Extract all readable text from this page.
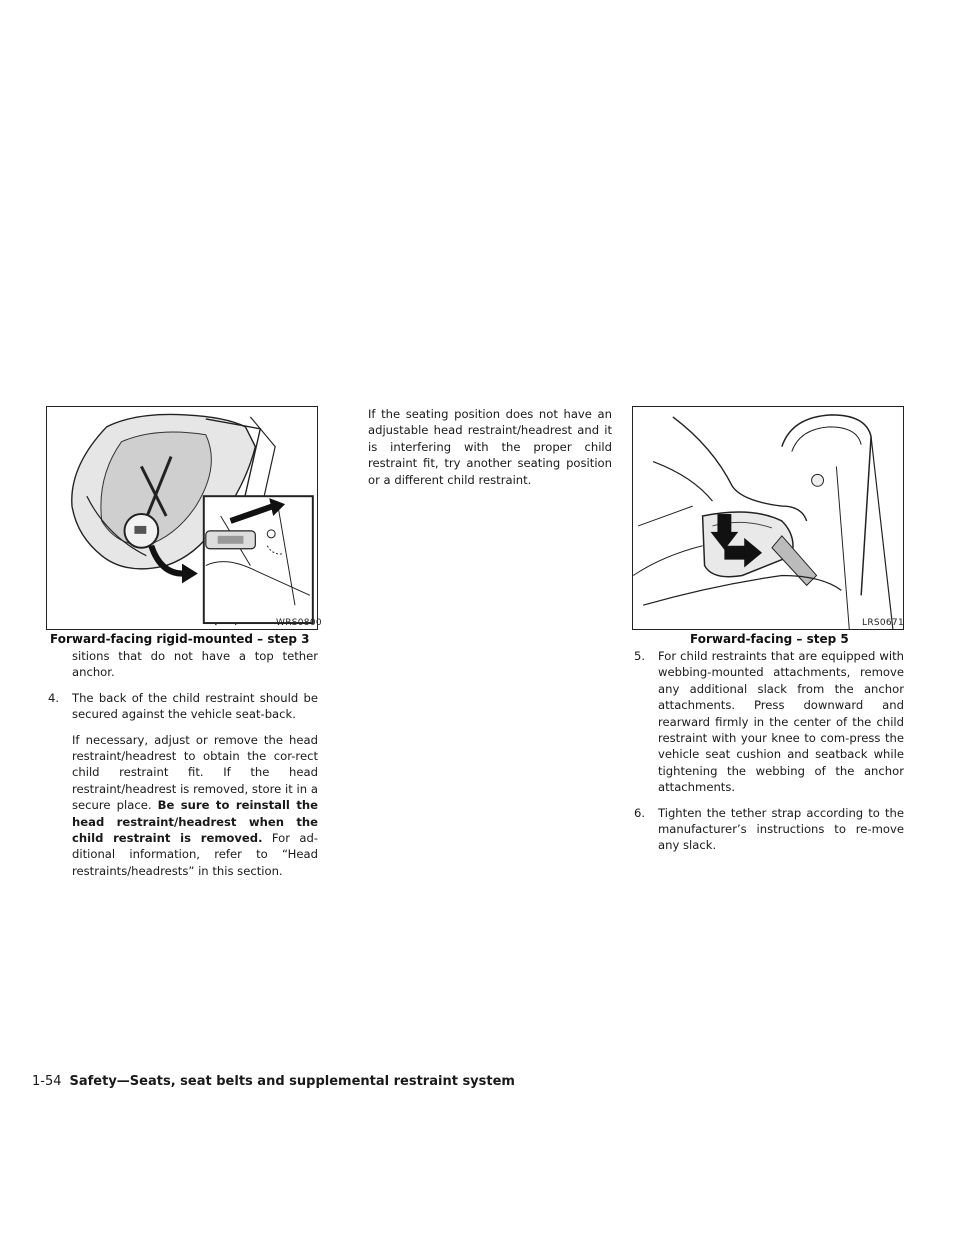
WRS0800
Forward-facing rigid-mounted – step 3
LRS0671
Forward-facing – step 5

sitions that do not have a top tether anchor.

4. The back of the child restraint should be secured against the vehicle seat-back.

If necessary, adjust or remove the head restraint/headrest to obtain the cor-rect child restraint fit. If the head restraint/headrest is removed, store it in a secure place. Be sure to reinstall the head restraint/headrest when the child restraint is removed. For ad-ditional information, refer to “Head restraints/headrests” in this section.

If the seating position does not have an adjustable head restraint/headrest and it is interfering with the proper child restraint fit, try another seating position or a different child restraint.

5. For child restraints that are equipped with webbing-mounted attachments, remove any additional slack from the anchor attachments. Press downward and rearward firmly in the center of the child restraint with your knee to com-press the vehicle seat cushion and seatback while tightening the webbing of the anchor attachments.

6. Tighten the tether strap according to the manufacturer’s instructions to re-move any slack.

1-54 Safety—Seats, seat belts and supplemental restraint system
